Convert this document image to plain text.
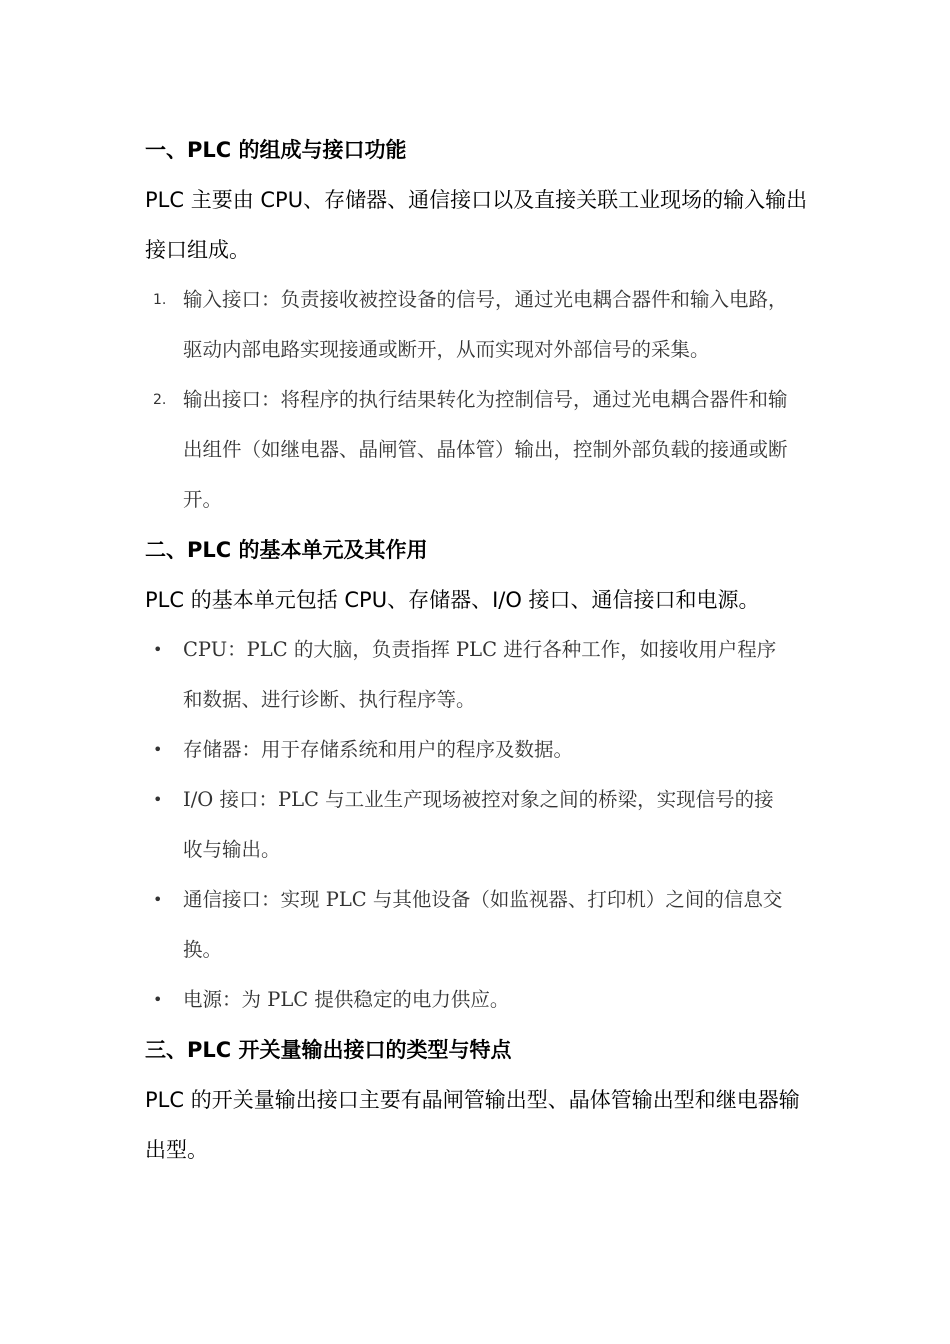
一、PLC 的组成与接口功能

PLC 主要由 CPU、存储器、通信接口以及直接关联工业现场的输入输出接口组成。

1. 输入接口：负责接收被控设备的信号，通过光电耦合器件和输入电路，驱动内部电路实现接通或断开，从而实现对外部信号的采集。
2. 输出接口：将程序的执行结果转化为控制信号，通过光电耦合器件和输出组件（如继电器、晶闸管、晶体管）输出，控制外部负载的接通或断开。
二、PLC 的基本单元及其作用

PLC 的基本单元包括 CPU、存储器、I/O 接口、通信接口和电源。

• CPU：PLC 的大脑，负责指挥 PLC 进行各种工作，如接收用户程序和数据、进行诊断、执行程序等。
• 存储器：用于存储系统和用户的程序及数据。
• I/O 接口：PLC 与工业生产现场被控对象之间的桥梁，实现信号的接收与输出。
• 通信接口：实现 PLC 与其他设备（如监视器、打印机）之间的信息交换。
• 电源：为 PLC 提供稳定的电力供应。
三、PLC 开关量输出接口的类型与特点

PLC 的开关量输出接口主要有晶闸管输出型、晶体管输出型和继电器输出型。
